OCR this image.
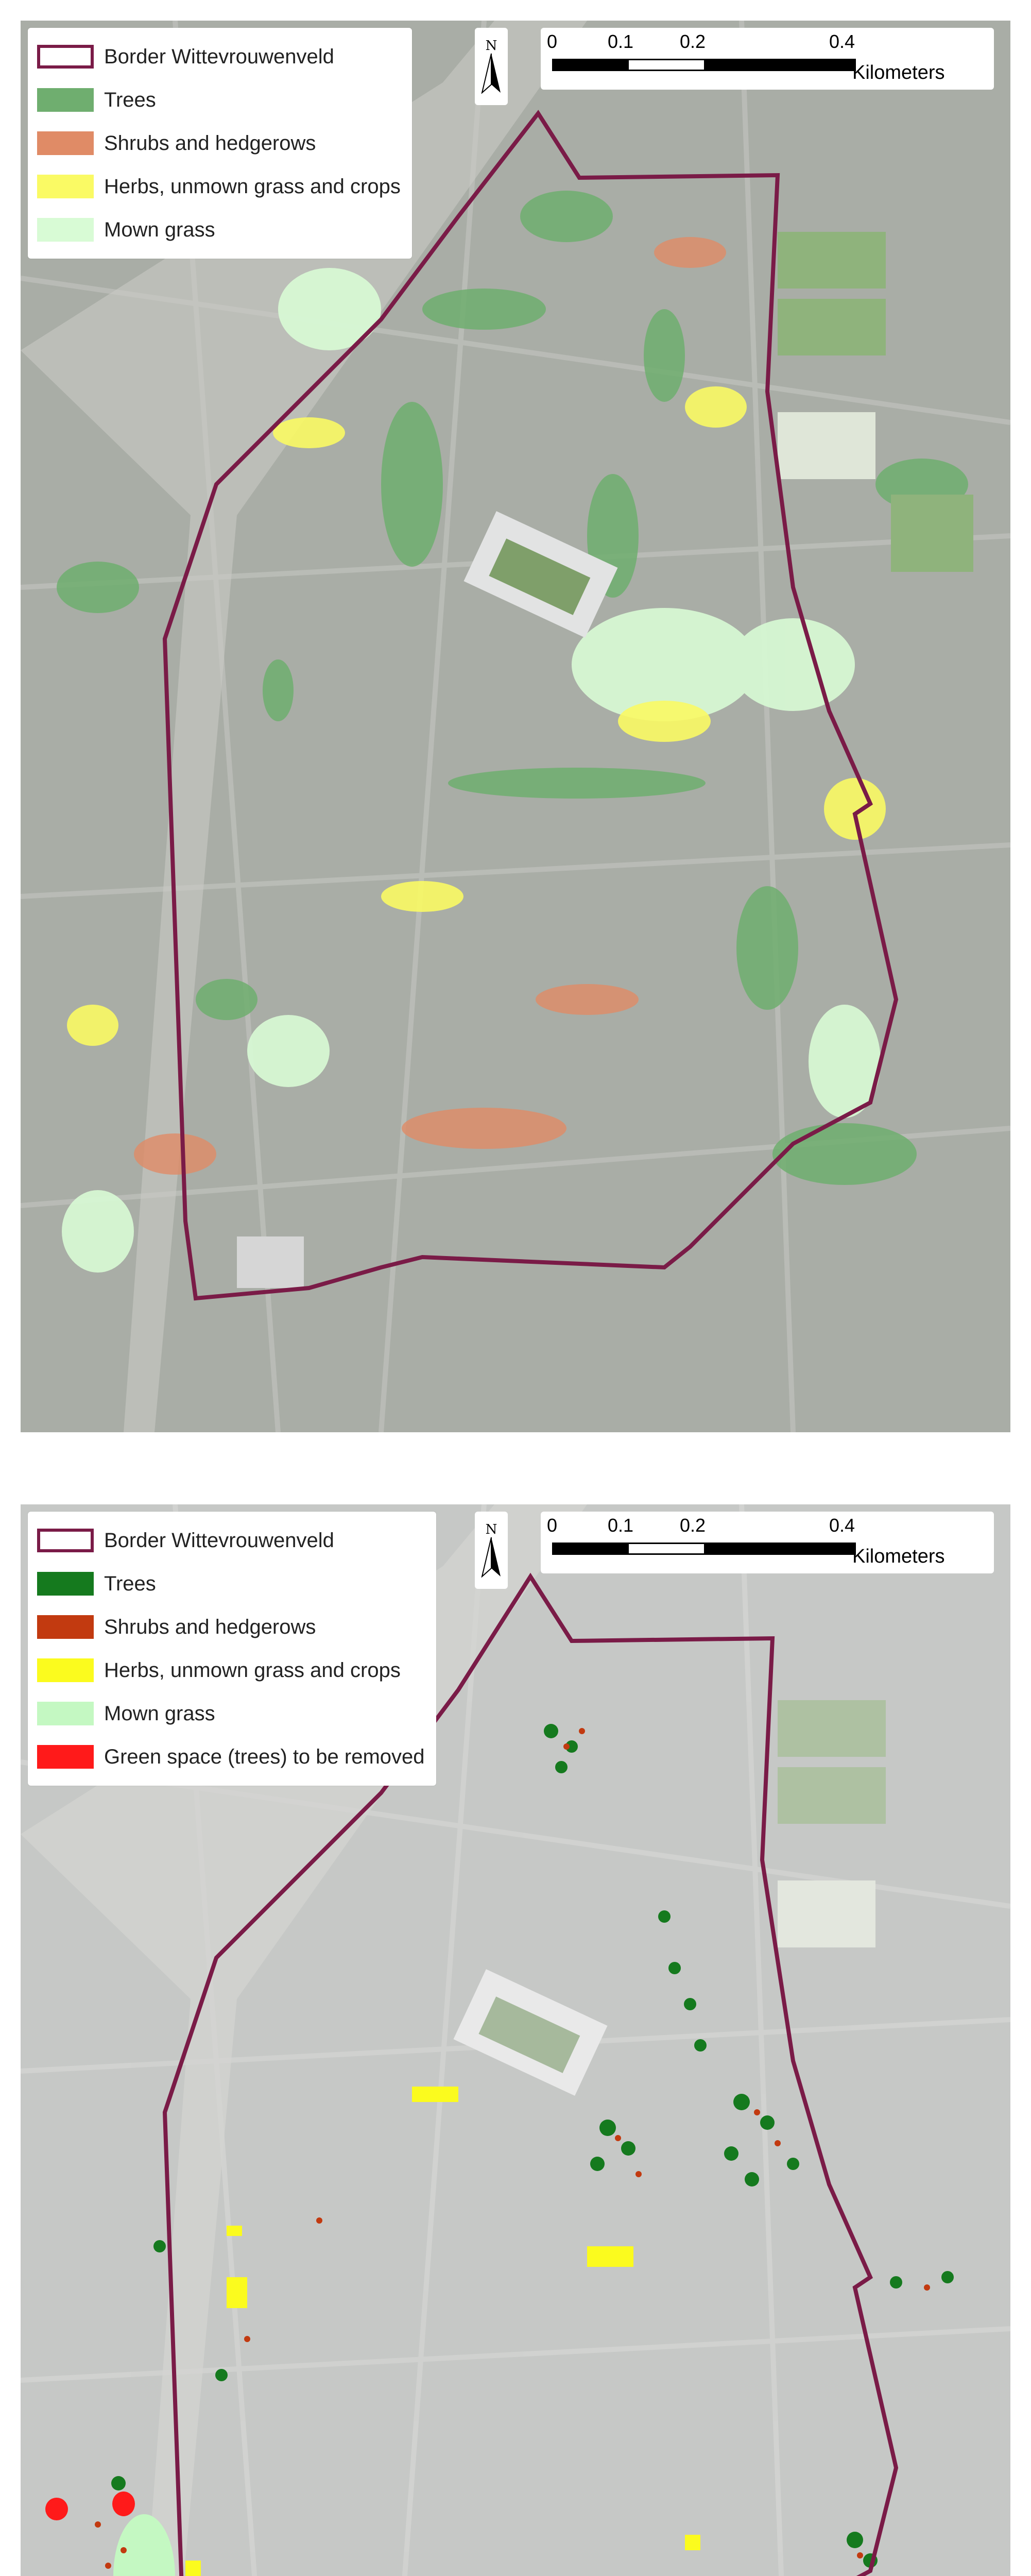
Border Wittevrouwenveld
Trees
Shrubs and hedgerows
Herbs, unmown grass and crops
Mown grass
N	0	0.1 0.2	0.4
Kilometers
Border Wittevrouwenveld
Trees
Shrubs and hedgerows
Herbs, unmown grass and crops
Mown grass
Green space (trees) to be removed
N	0	0.1 0.2	0.4
Kilometers
